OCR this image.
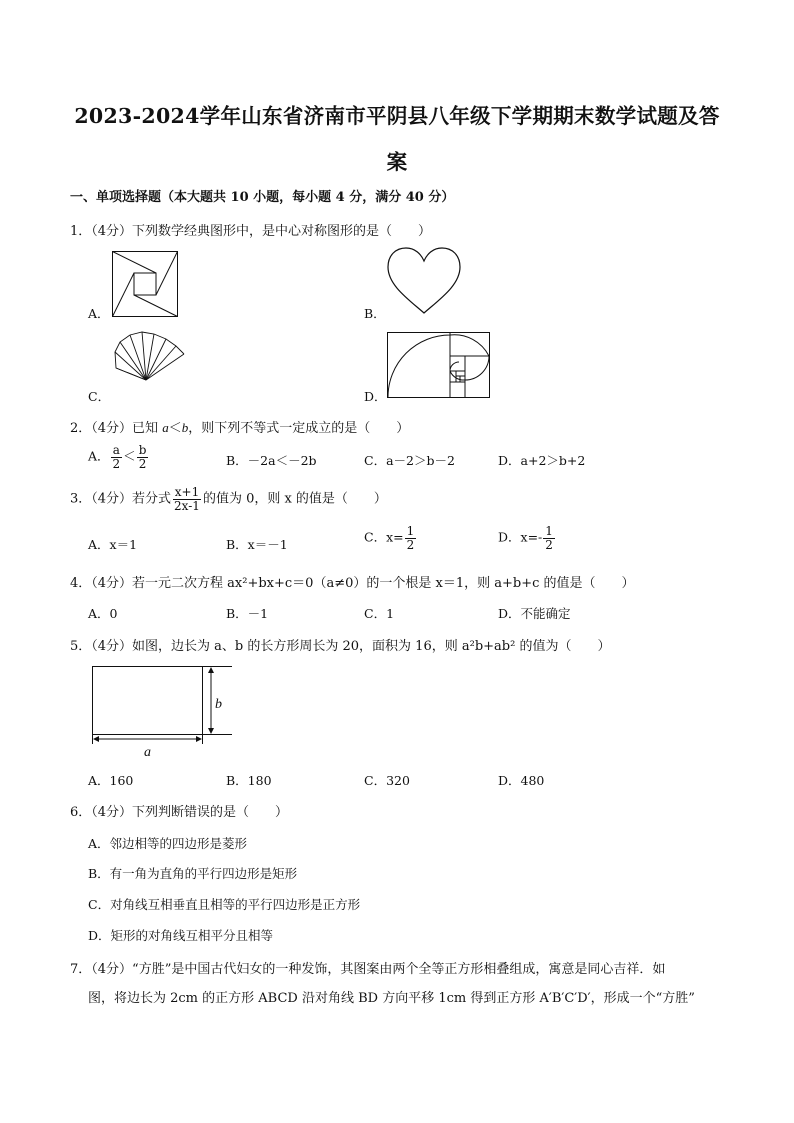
2023-2024学年山东省济南市平阴县八年级下学期期末数学试题及答案
一、单项选择题（本大题共 10 小题，每小题 4 分，满分 40 分）
1．（4分）下列数学经典图形中，是中心对称图形的是（　　）
A．	B．
C．	D．
2．（4分）已知 a＜b，则下列不等式一定成立的是（　　）
A． $\frac{a}{2} < \frac{b}{2}$	B．－2a＜－2b	C．a－2＞b－2	D．a+2＞b+2
3．（4分）若分式 $\frac{x+1}{2x-1}$ 的值为 0，则 x 的值是（　　）
A．x＝1	B．x＝－1	C．$x= \frac{1}{2}$	D．$x=- \frac{1}{2}$
4．（4分）若一元二次方程 ax²+bx+c＝0（a≠0）的一个根是 x＝1，则 a+b+c 的值是（　　）
A．0	B．－1	C．1	D．不能确定
5．（4分）如图，边长为 a、b 的长方形周长为 20，面积为 16，则 a²b+ab² 的值为（　　）
a
b
A．160	B．180	C．320	D．480
6．（4分）下列判断错误的是（　　）
A．邻边相等的四边形是菱形
B．有一角为直角的平行四边形是矩形
C．对角线互相垂直且相等的平行四边形是正方形
D．矩形的对角线互相平分且相等
7．（4分）“方胜”是中国古代妇女的一种发饰，其图案由两个全等正方形相叠组成，寓意是同心吉祥．如
图，将边长为 2cm 的正方形 ABCD 沿对角线 BD 方向平移 1cm 得到正方形 A′B′C′D′，形成一个“方胜”
